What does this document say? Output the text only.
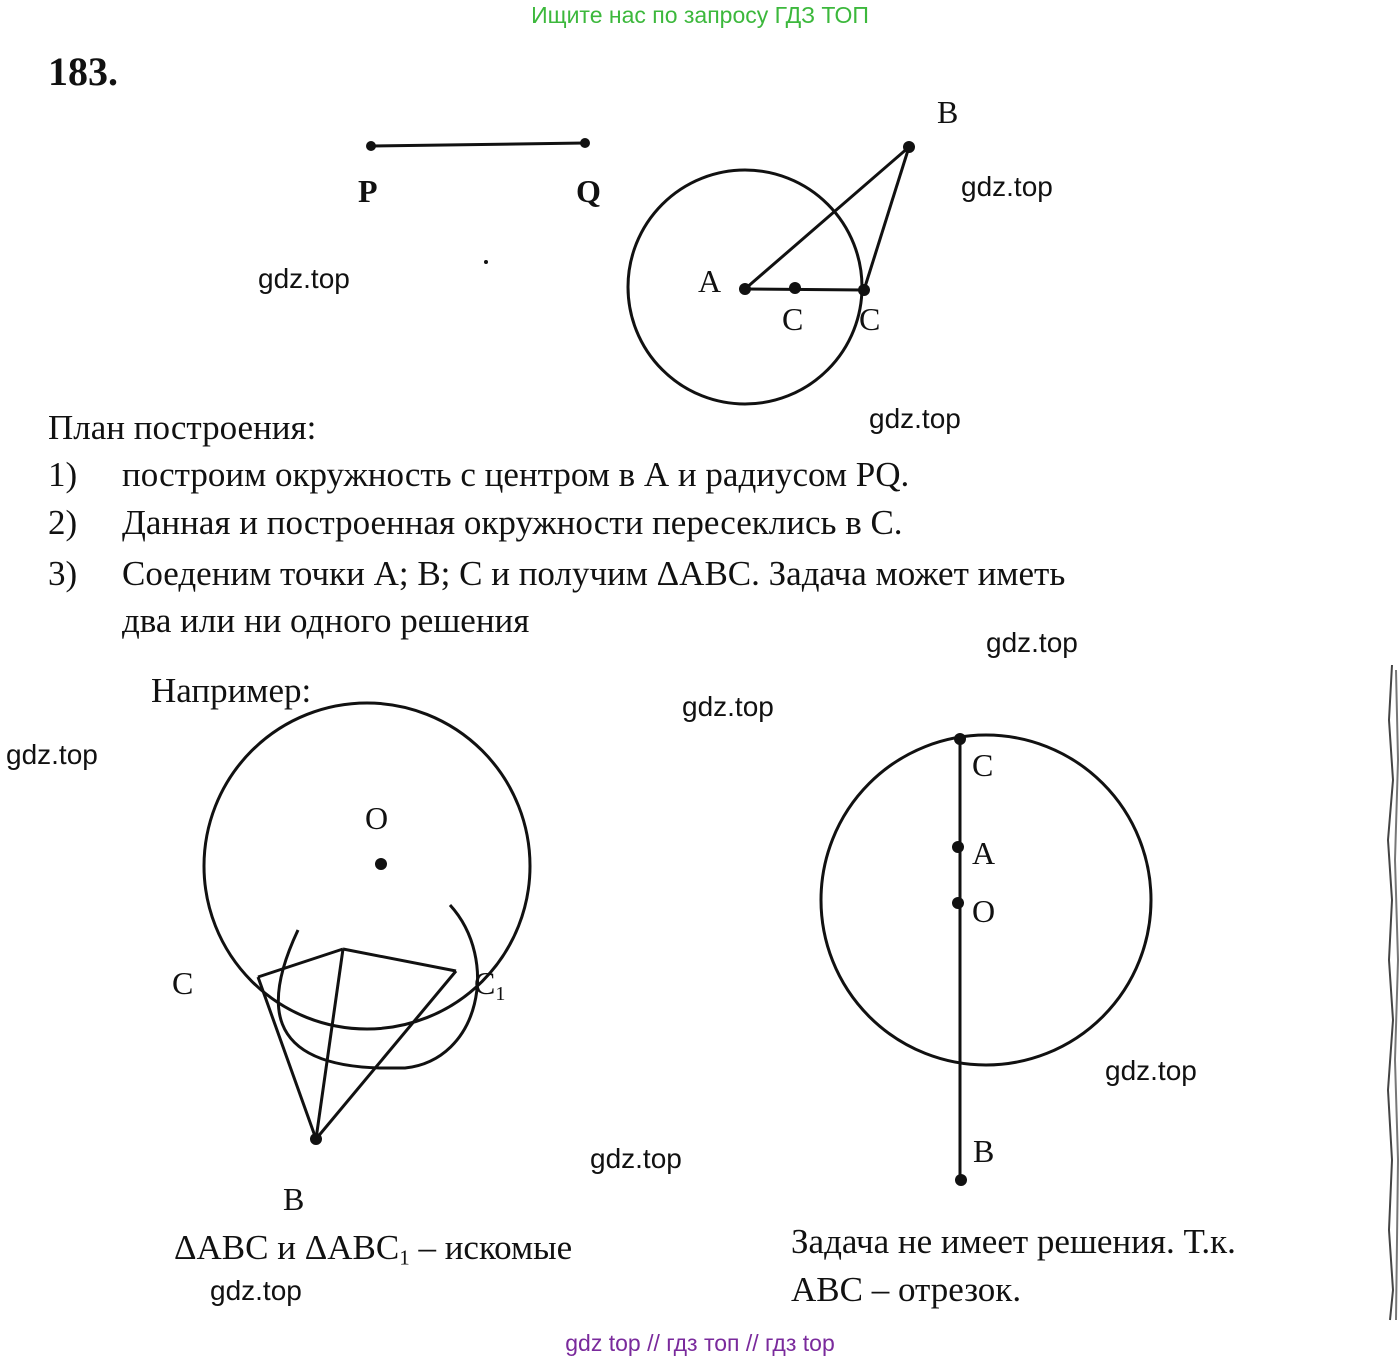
Ищите нас по запросу ГДЗ ТОП
183.
P	Q
B
A
C C
O
C	C1
B
C
A
O
B
gdz.top
gdz.top
gdz.top
gdz.top
gdz.top
gdz.top
gdz.top
gdz.top
gdz.top
План построения:
1) построим окружность с центром в А и радиусом PQ.
2) Данная и построенная окружности пересеклись в С.
3) Соеденим точки А; В; С и получим ΔАВС. Задача может иметь
два или ни одного решения
Например:
ΔАВС и $\Delta АВС_1$ – искомые	Задача не имеет решения. Т.к.
АВС – отрезок.
gdz top // гдз топ // гдз top
